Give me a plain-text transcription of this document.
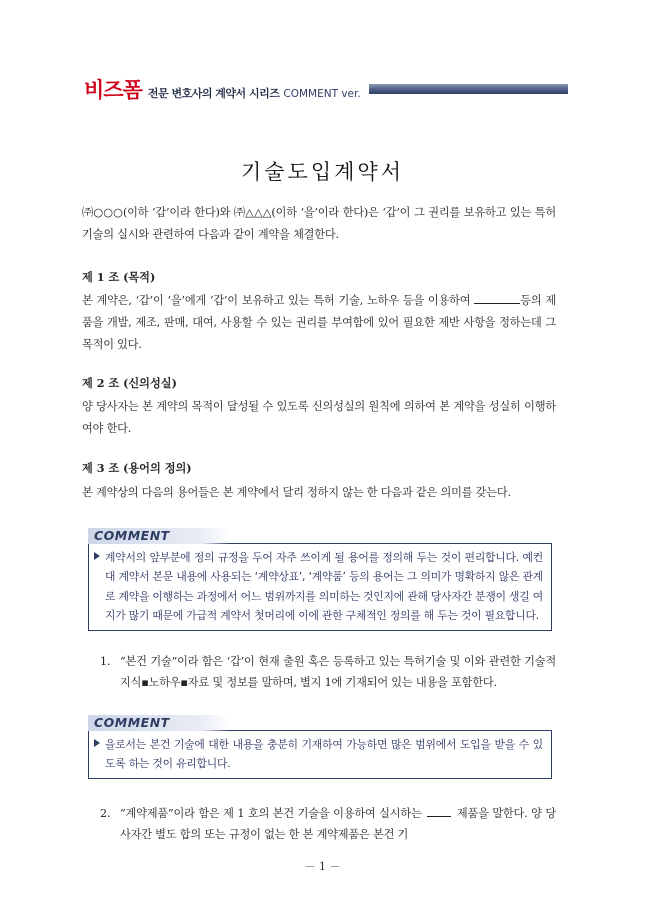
비즈폼 전문 변호사의 계약서 시리즈 COMMENT ver.
기술도입계약서
㈜○○○(이하 ‘갑’이라 한다)와 ㈜△△△(이하 ‘을’이라 한다)은 ‘갑’이 그 권리를 보유하고 있는 특허기술의 실시와 관련하여 다음과 같이 계약을 체결한다.
제 1 조 (목적)
본 계약은, ‘갑’이 ‘을’에게 ‘갑’이 보유하고 있는 특허 기술, 노하우 등을 이용하여	등의 제품을 개발, 제조, 판매, 대여, 사용할 수 있는 권리를 부여함에 있어 필요한 제반 사항을 정하는데 그 목적이 있다.
제 2 조 (신의성실)
양 당사자는 본 계약의 목적이 달성될 수 있도록 신의성실의 원칙에 의하여 본 계약을 성실히 이행하여야 한다.
제 3 조 (용어의 정의)
본 계약상의 다음의 용어들은 본 계약에서 달리 정하지 않는 한 다음과 같은 의미를 갖는다.
COMMENT
계약서의 앞부분에 정의 규정을 두어 자주 쓰이게 될 용어를 정의해 두는 것이 편리합니다. 예컨대 계약서 본문 내용에 사용되는 ‘계약상표’, ‘계약품’ 등의 용어는 그 의미가 명확하지 않은 관계로 계약을 이행하는 과정에서 어느 범위까지를 의미하는 것인지에 관해 당사자간 분쟁이 생길 여지가 많기 때문에 가급적 계약서 첫머리에 이에 관한 구체적인 정의를 해 두는 것이 필요합니다.
1. “본건 기술”이라 함은 ‘갑’이 현재 출원 혹은 등록하고 있는 특허기술 및 이와 관련한 기술적 지식▪노하우▪자료 및 정보를 말하며, 별지 1에 기재되어 있는 내용을 포함한다.
COMMENT
을로서는 본건 기술에 대한 내용을 충분히 기재하여 가능하면 많은 범위에서 도입을 받을 수 있도록 하는 것이 유리합니다.
2. “계약제품”이라 함은 제 1 호의 본건 기술을 이용하여 실시하는	제품을 말한다. 양 당사자간 별도 합의 또는 규정이 없는 한 본 계약제품은 본건 기
－ 1 －
